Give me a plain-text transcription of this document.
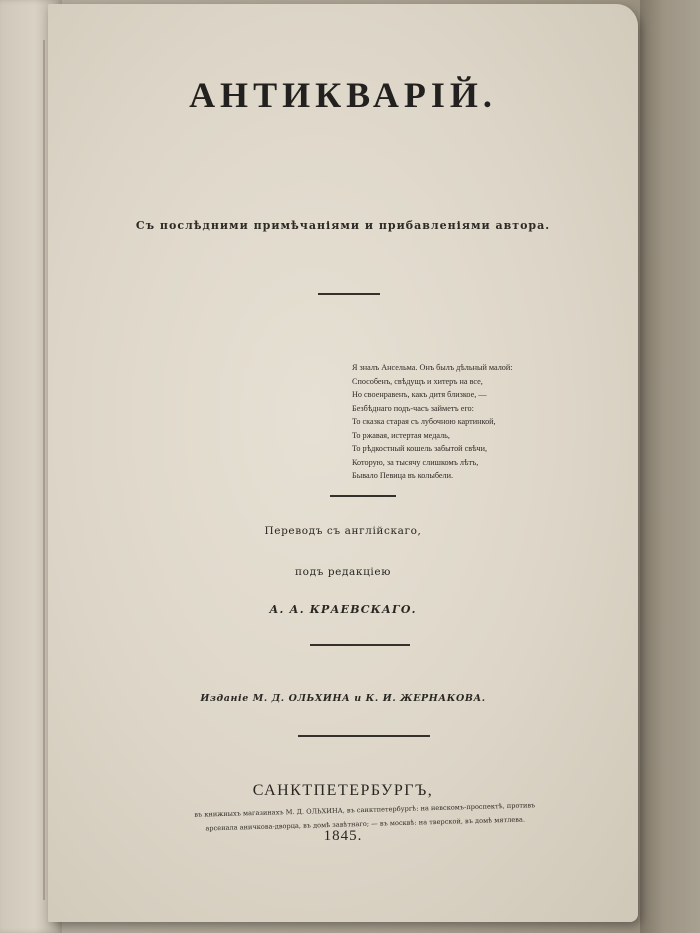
АНТИКВАРІЙ.
Съ послѣдними примѣчаніями и прибавленіями автора.
Я зналъ Ансельма. Онъ былъ дѣльный малой:
Способенъ, свѣдущъ и хитеръ на все,
Но своенравенъ, какъ дитя близкое, —
Безбѣднаго подъ-часъ займетъ его:
То сказка старая съ лубочною картинкой,
То ржавая, истертая медаль,
То рѣдкостный кошель забытой свѣчи,
Которую, за тысячу слишкомъ лѣтъ,
Бывало Певица въ колыбели.
Переводъ съ англійскаго,
подъ редакціею
А. А. КРАЕВСКАГО.
Изданіе М. Д. ОЛЬХИНА и К. И. ЖЕРНАКОВА.
САНКТПЕТЕРБУРГЪ,
въ книжныхъ магазинахъ М. Д. ОЛЬХИНА, въ санктпетербургѣ: на невскомъ-проспектѣ, противъ
арсенала аничкова-дворца, въ домѣ завѣтнаго; — въ москвѣ: на тверской, въ домѣ мятлева.
1845.
